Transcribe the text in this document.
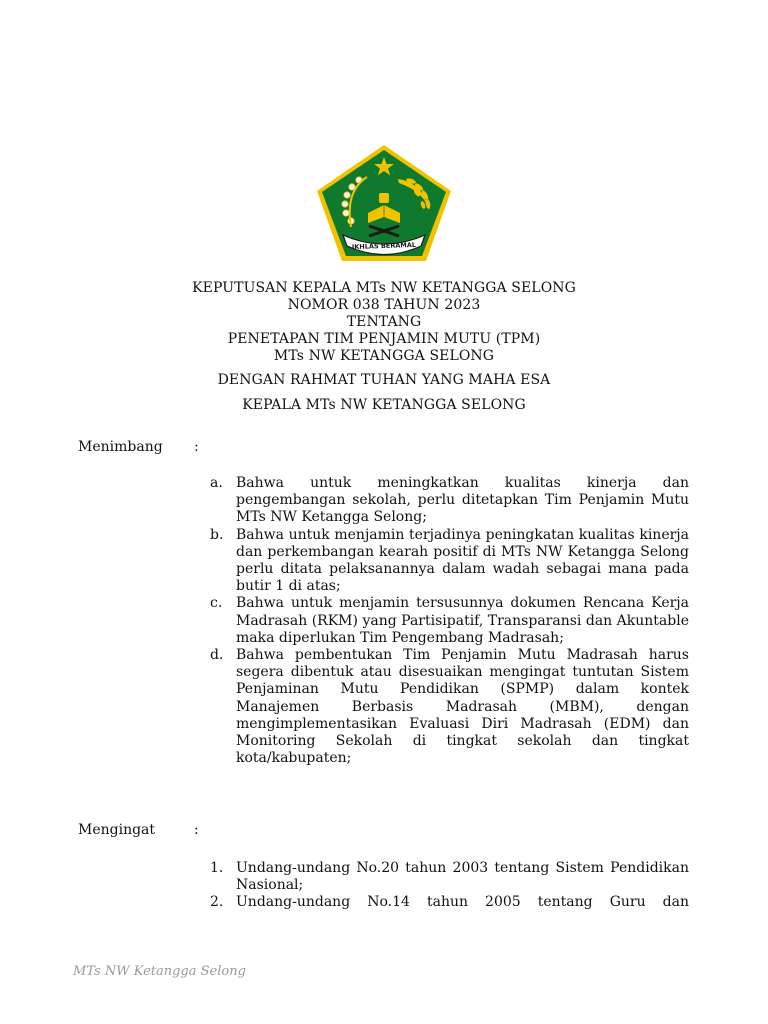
IKHLAS BERAMAL
KEPUTUSAN KEPALA MTs NW KETANGGA SELONG
NOMOR 038 TAHUN 2023
TENTANG
PENETAPAN TIM PENJAMIN MUTU (TPM)
MTs NW KETANGGA SELONG
DENGAN RAHMAT TUHAN YANG MAHA ESA
KEPALA MTs NW KETANGGA SELONG
Menimbang :
a. Bahwa untuk meningkatkan kualitas kinerja dan pengembangan sekolah, perlu ditetapkan Tim Penjamin Mutu MTs NW Ketangga Selong;
b. Bahwa untuk menjamin terjadinya peningkatan kualitas kinerja dan perkembangan kearah positif di MTs NW Ketangga Selong perlu ditata pelaksanannya dalam wadah sebagai mana pada butir 1 di atas;
c. Bahwa untuk menjamin tersusunnya dokumen Rencana Kerja Madrasah (RKM) yang Partisipatif, Transparansi dan Akuntable maka diperlukan Tim Pengembang Madrasah;
d. Bahwa pembentukan Tim Penjamin Mutu Madrasah harus segera dibentuk atau disesuaikan mengingat tuntutan Sistem Penjaminan Mutu Pendidikan (SPMP) dalam kontek Manajemen Berbasis Madrasah (MBM), dengan mengimplementasikan Evaluasi Diri Madrasah (EDM) dan Monitoring Sekolah di tingkat sekolah dan tingkat kota/kabupaten;
Mengingat	:
1. Undang-undang No.20 tahun 2003 tentang Sistem Pendidikan Nasional;
2. Undang-undang No.14 tahun 2005 tentang Guru dan
MTs NW Ketangga Selong
